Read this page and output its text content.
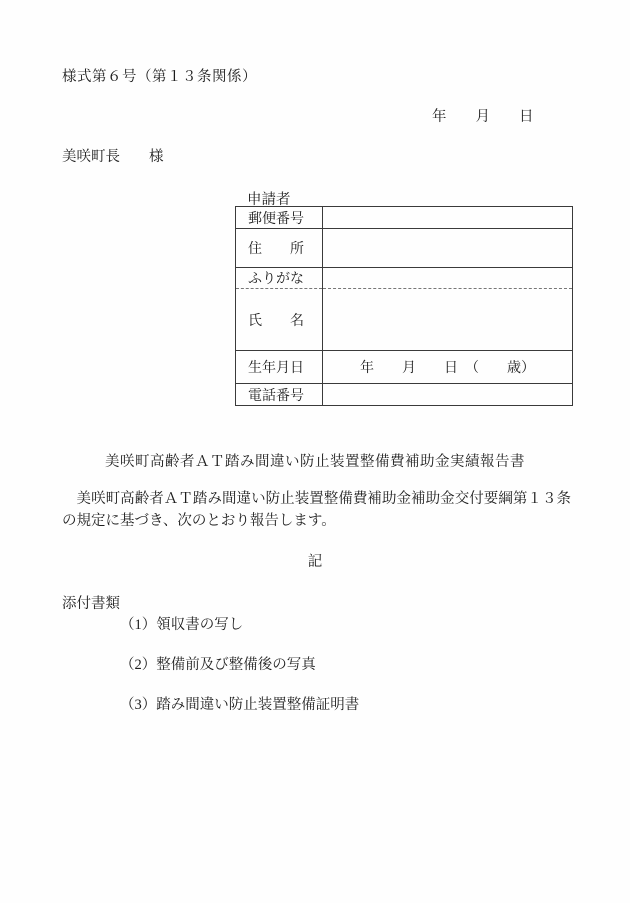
様式第６号（第１３条関係）
年　　月　　日
美咲町長　　様
申請者
郵便番号	
住　　所	
ふりがな	
氏　　名	
生年月日	年　　月　　日　（　　歳）
電話番号	
美咲町高齢者ＡＴ踏み間違い防止装置整備費補助金実績報告書
　美咲町高齢者ＡＴ踏み間違い防止装置整備費補助金補助金交付要綱第１３条の規定に基づき、次のとおり報告します。
記
添付書類
（1）領収書の写し
（2）整備前及び整備後の写真
（3）踏み間違い防止装置整備証明書
